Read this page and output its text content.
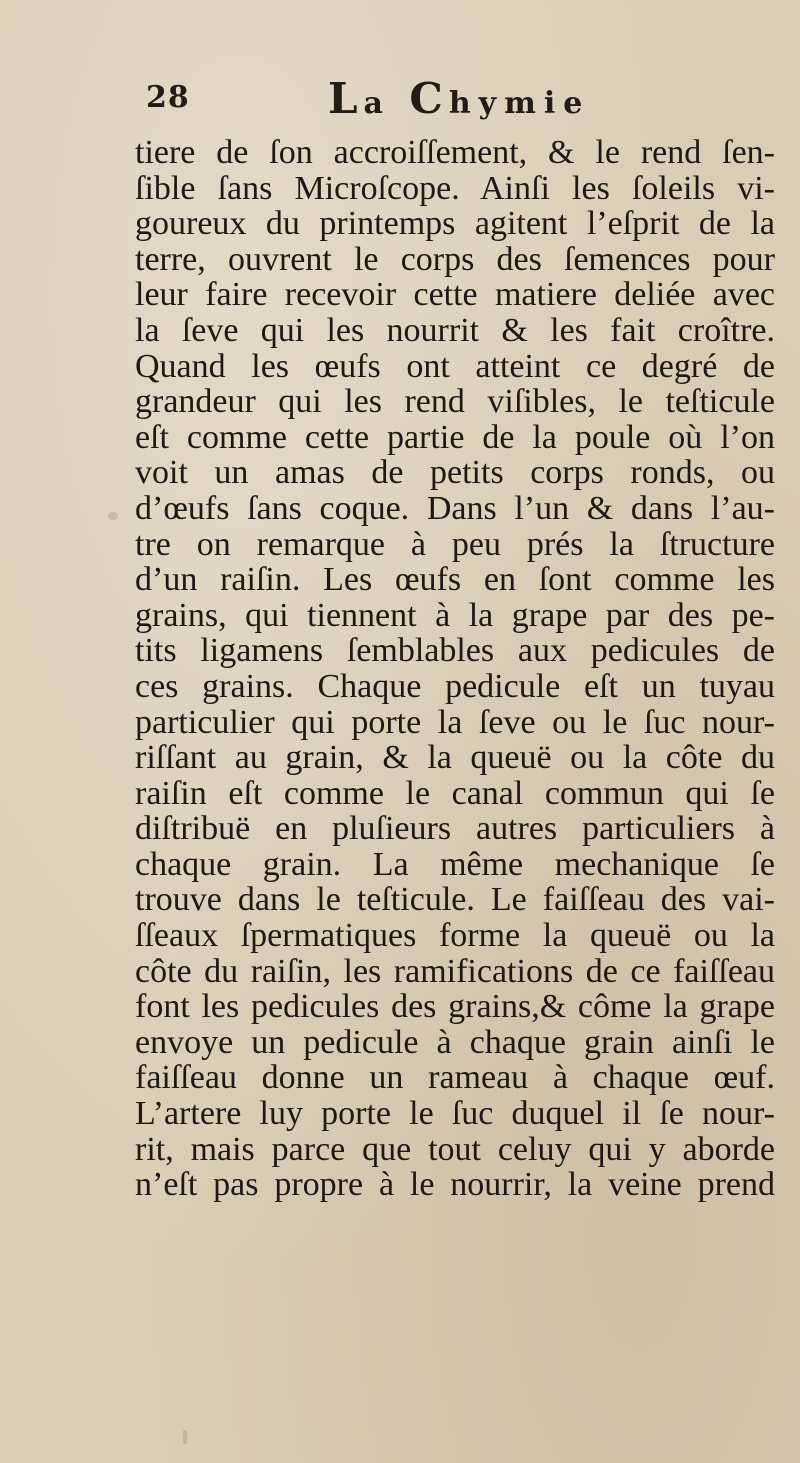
28	La Chymie
tiere de ſon accroiſſement, & le rend ſen-
ſible ſans Microſcope. Ainſi les ſoleils vi-
goureux du printemps agitent l’eſprit de la
terre, ouvrent le corps des ſemences pour
leur faire recevoir cette matiere deliée avec
la ſeve qui les nourrit & les fait croître.
Quand les œufs ont atteint ce degré de
grandeur qui les rend viſibles, le teſticule
eſt comme cette partie de la poule où l’on
voit un amas de petits corps ronds, ou
d’œufs ſans coque. Dans l’un & dans l’au-
tre on remarque à peu prés la ſtructure
d’un raiſin. Les œufs en ſont comme les
grains, qui tiennent à la grape par des pe-
tits ligamens ſemblables aux pedicules de
ces grains. Chaque pedicule eſt un tuyau
particulier qui porte la ſeve ou le ſuc nour-
riſſant au grain, & la queuë ou la côte du
raiſin eſt comme le canal commun qui ſe
diſtribuë en pluſieurs autres particuliers à
chaque grain. La même mechanique ſe
trouve dans le teſticule. Le faiſſeau des vai-
ſſeaux ſpermatiques forme la queuë ou la
côte du raiſin, les ramifications de ce faiſſeau
font les pedicules des grains,& côme la grape
envoye un pedicule à chaque grain ainſi le
faiſſeau donne un rameau à chaque œuf.
L’artere luy porte le ſuc duquel il ſe nour-
rit, mais parce que tout celuy qui y aborde
n’eſt pas propre à le nourrir, la veine prend
